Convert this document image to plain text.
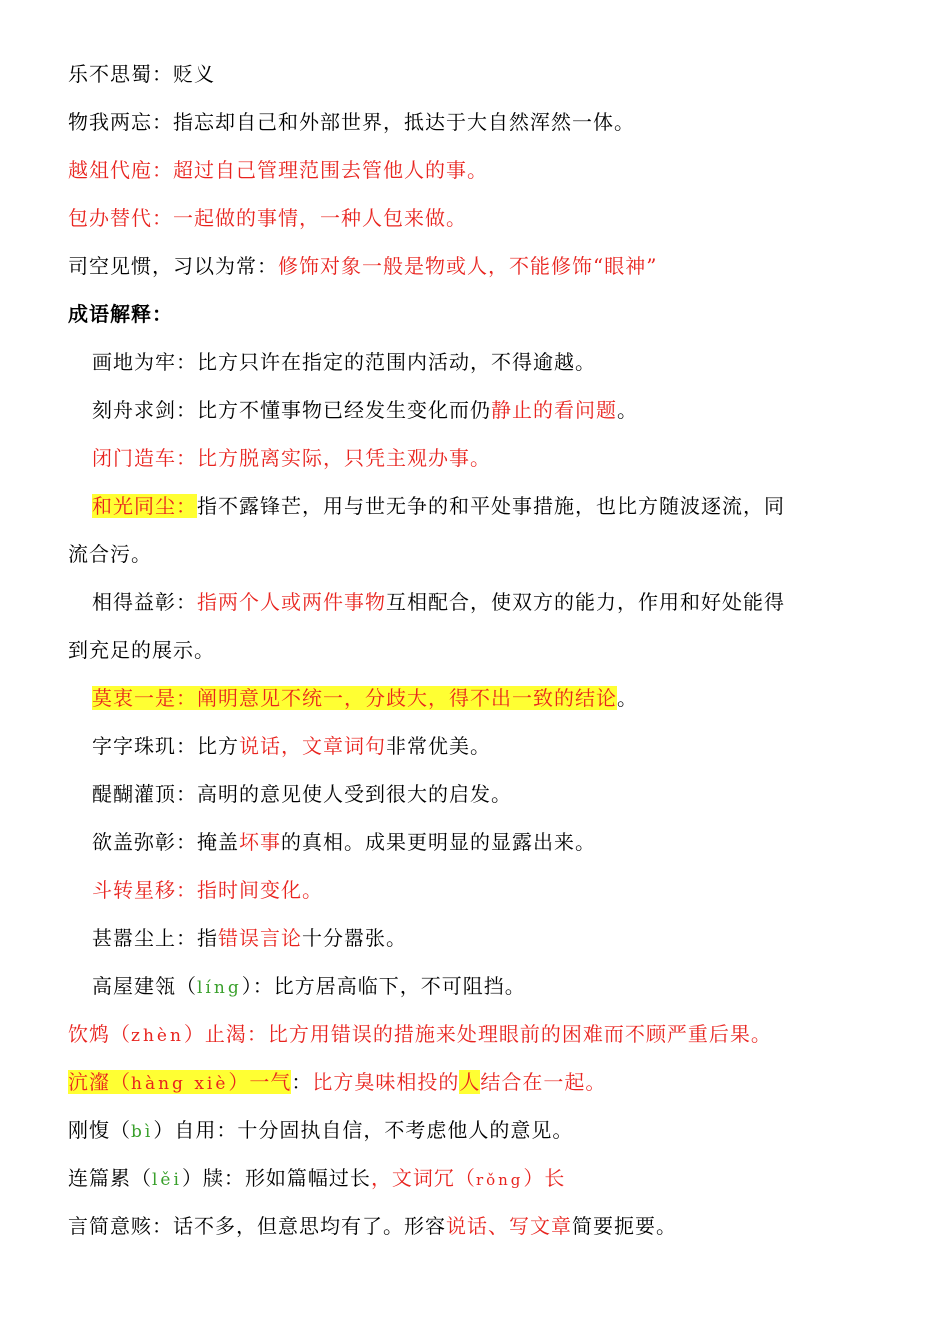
乐不思蜀：贬义
物我两忘：指忘却自己和外部世界，抵达于大自然浑然一体。
越俎代庖：超过自己管理范围去管他人的事。
包办替代：一起做的事情，一种人包来做。
司空见惯，习以为常：修饰对象一般是物或人，不能修饰“眼神”
成语解释：
画地为牢：比方只许在指定的范围内活动，不得逾越。
刻舟求剑：比方不懂事物已经发生变化而仍静止的看问题。
闭门造车：比方脱离实际，只凭主观办事。
和光同尘：指不露锋芒，用与世无争的和平处事措施，也比方随波逐流，同
流合污。
相得益彰：指两个人或两件事物互相配合，使双方的能力，作用和好处能得
到充足的展示。
莫衷一是：阐明意见不统一，分歧大，得不出一致的结论。
字字珠玑：比方说话，文章词句非常优美。
醍醐灌顶：高明的意见使人受到很大的启发。
欲盖弥彰：掩盖坏事的真相。成果更明显的显露出来。
斗转星移：指时间变化。
甚嚣尘上：指错误言论十分嚣张。
高屋建瓴（líng）：比方居高临下，不可阻挡。
饮鸩（zhèn）止渴：比方用错误的措施来处理眼前的困难而不顾严重后果。
沆瀣（hàng xiè）一气：比方臭味相投的人结合在一起。
刚愎（bì）自用：十分固执自信，不考虑他人的意见。
连篇累（lěi）牍：形如篇幅过长，文词冗（rǒng）长
言简意赅：话不多，但意思均有了。形容说话、写文章简要扼要。
